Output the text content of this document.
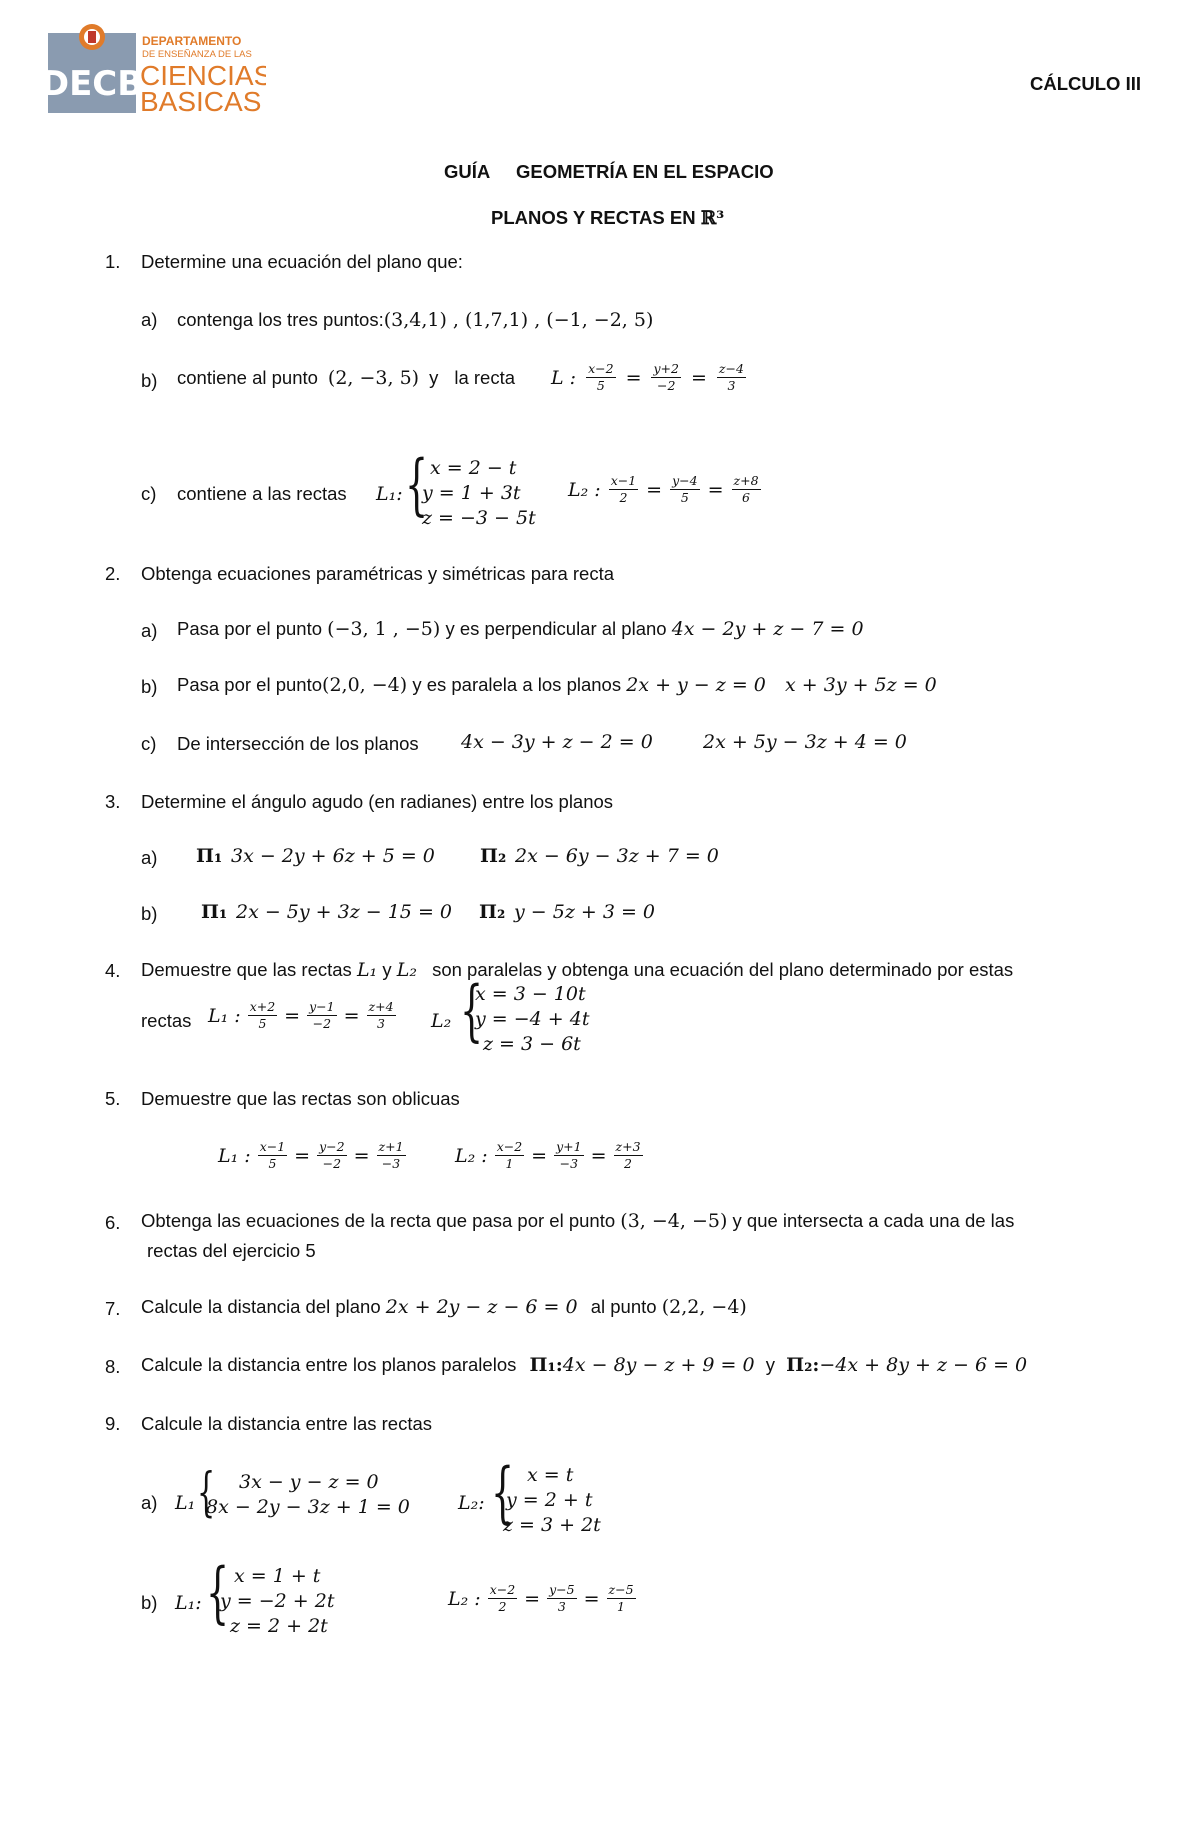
DECB
DEPARTAMENTO
DE ENSEÑANZA DE LAS
CIENCIAS
BASICAS
CÁLCULO III
GUÍA GEOMETRÍA EN EL ESPACIO
PLANOS Y RECTAS EN ℝ³
1. Determine una ecuación del plano que:
a) contenga los tres puntos:(3,4,1) , (1,7,1) , (−1, −2, 5)
b) contiene al punto (2, −3, 5) y la recta L : $\frac{x-2}{5} = \frac{y+2}{-2} = \frac{z-4}{3}$
c) contiene a las rectas L₁: { x = 2 − t
y = 1 + 3t
z = −3 − 5t
L₂ : $\frac{x-1}{2} = \frac{y-4}{5} = \frac{z+8}{6}$
2. Obtenga ecuaciones paramétricas y simétricas para recta
a) Pasa por el punto (−3, 1 , −5) y es perpendicular al plano 4x − 2y + z − 7 = 0
b) Pasa por el punto(2,0, −4) y es paralela a los planos 2x + y − z = 0 x + 3y + 5z = 0
c) De intersección de los planos 4x − 3y + z − 2 = 0	2x + 5y − 3z + 4 = 0
3. Determine el ángulo agudo (en radianes) entre los planos
a) Π₁ 3x − 2y + 6z + 5 = 0 Π₂ 2x − 6y − 3z + 7 = 0
b) Π₁ 2x − 5y + 3z − 15 = 0 Π₂ y − 5z + 3 = 0
4. Demuestre que las rectas L₁ y L₂ son paralelas y obtenga una ecuación del plano determinado por estas
rectas L₁ : $\frac{x+2}{5} = \frac{y-1}{-2} = \frac{z+4}{3} L_2$ {
x = 3 − 10t
y = −4 + 4t
z = 3 − 6t
5. Demuestre que las rectas son oblicuas
L₁ : $\frac{x-1}{5} = \frac{y-2}{-2} = \frac{z+1}{-3}$	L₂ : $\frac{x-2}{1} = \frac{y+1}{-3} = \frac{z+3}{2}$
6. Obtenga las ecuaciones de la recta que pasa por el punto (3, −4, −5) y que intersecta a cada una de las
rectas del ejercicio 5
7. Calcule la distancia del plano 2x + 2y − z − 6 = 0 al punto (2,2, −4)
8. Calcule la distancia entre los planos paralelos Π₁:4x − 8y − z + 9 = 0 y Π₂:−4x + 8y + z − 6 = 0
9. Calcule la distancia entre las rectas
a) L₁ {	3x − y − z = 0
8x − 2y − 3z + 1 = 0	L₂: { x = t
y = 2 + t
z = 3 + 2t
b) L₁: { x = 1 + t
y = −2 + 2t
z = 2 + 2t
L₂ : $\frac{x-2}{2} = \frac{y-5}{3} = \frac{z-5}{1}$
